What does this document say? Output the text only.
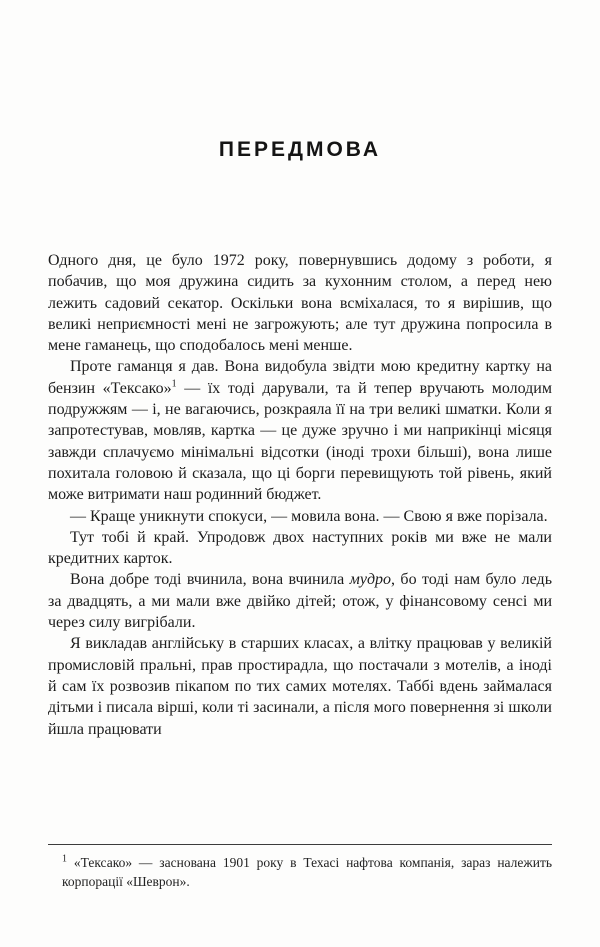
ПЕРЕДМОВА

Одного дня, це було 1972 року, повернувшись додому з роботи, я побачив, що моя дружина сидить за кухонним столом, а перед нею лежить садовий секатор. Оскільки вона всміхалася, то я вирішив, що великі неприємності мені не загрожують; але тут дружина попросила в мене гаманець, що сподобалось мені менше.

Проте гаманця я дав. Вона видобула звідти мою кредитну картку на бензин «Тексако»$^1$ — їх тоді дарували, та й тепер вручають молодим подружжям — і, не вагаючись, розкраяла її на три великі шматки. Коли я запротестував, мовляв, картка — це дуже зручно і ми наприкінці місяця завжди сплачуємо мінімальні відсотки (іноді трохи більші), вона лише похитала головою й сказала, що ці борги перевищують той рівень, який може витримати наш родинний бюджет.

— Краще уникнути спокуси, — мовила вона. — Свою я вже порізала.

Тут тобі й край. Упродовж двох наступних років ми вже не мали кредитних карток.

Вона добре тоді вчинила, вона вчинила мудро, бо тоді нам було ледь за двадцять, а ми мали вже двійко дітей; отож, у фінансовому сенсі ми через силу вигрібали.

Я викладав англійську в старших класах, а влітку працював у великій промисловій пральні, прав простирадла, що постачали з мотелів, а іноді й сам їх розвозив пікапом по тих самих мотелях. Таббі вдень займалася дітьми і писала вірші, коли ті засинали, а після мого повернення зі школи йшла працювати

$^1$ «Тексако» — заснована 1901 року в Техасі нафтова компанія, зараз належить корпорації «Шеврон».
